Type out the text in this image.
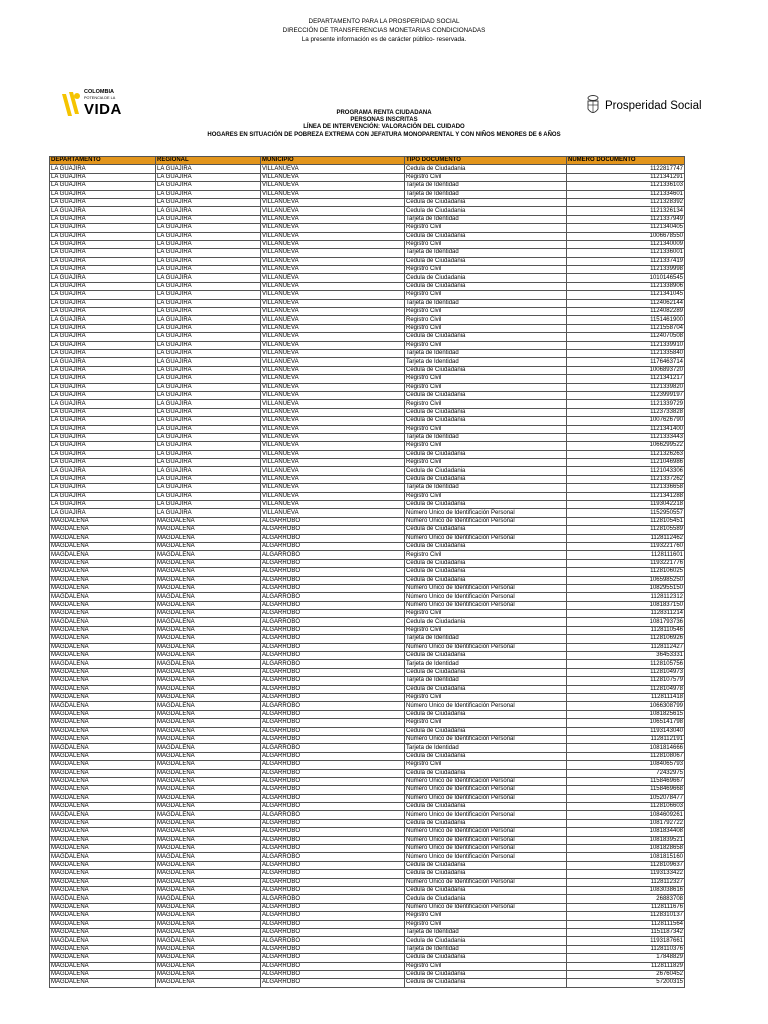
DEPARTAMENTO PARA LA PROSPERIDAD SOCIAL
DIRECCIÓN DE TRANSFERENCIAS MONETARIAS CONDICIONADAS
La presente información es de carácter público- reservada.
COLOMBIA
POTENCIA DE LA
VIDA	Prosperidad Social
PROGRAMA RENTA CIUDADANA
PERSONAS INSCRITAS
LÍNEA DE INTERVENCIÓN: VALORACIÓN DEL CUIDADO
HOGARES EN SITUACIÓN DE POBREZA EXTREMA CON JEFATURA MONOPARENTAL Y CON NIÑOS MENORES DE 6 AÑOS
DEPARTAMENTO	REGIONAL	MUNICIPIO	TIPO DOCUMENTO	NUMERO DOCUMENTO
LA GUAJIRA	LA GUAJIRA	VILLANUEVA	Cedula de Ciudadania	1122817747
LA GUAJIRA	LA GUAJIRA	VILLANUEVA	Registro Civil	1121341291
LA GUAJIRA	LA GUAJIRA	VILLANUEVA	Tarjeta de Identidad	1121336103
LA GUAJIRA	LA GUAJIRA	VILLANUEVA	Tarjeta de Identidad	1121334601
LA GUAJIRA	LA GUAJIRA	VILLANUEVA	Cedula de Ciudadania	1121328392
LA GUAJIRA	LA GUAJIRA	VILLANUEVA	Cedula de Ciudadania	1121326134
LA GUAJIRA	LA GUAJIRA	VILLANUEVA	Tarjeta de Identidad	1121337949
LA GUAJIRA	LA GUAJIRA	VILLANUEVA	Registro Civil	1121340405
LA GUAJIRA	LA GUAJIRA	VILLANUEVA	Cedula de Ciudadania	1006678550
LA GUAJIRA	LA GUAJIRA	VILLANUEVA	Registro Civil	1121340009
LA GUAJIRA	LA GUAJIRA	VILLANUEVA	Tarjeta de Identidad	1121336001
LA GUAJIRA	LA GUAJIRA	VILLANUEVA	Cedula de Ciudadania	1121337419
LA GUAJIRA	LA GUAJIRA	VILLANUEVA	Registro Civil	1121339998
LA GUAJIRA	LA GUAJIRA	VILLANUEVA	Cedula de Ciudadania	1010146545
LA GUAJIRA	LA GUAJIRA	VILLANUEVA	Cedula de Ciudadania	1121338906
LA GUAJIRA	LA GUAJIRA	VILLANUEVA	Registro Civil	1121341045
LA GUAJIRA	LA GUAJIRA	VILLANUEVA	Tarjeta de Identidad	1124062144
LA GUAJIRA	LA GUAJIRA	VILLANUEVA	Registro Civil	1124082289
LA GUAJIRA	LA GUAJIRA	VILLANUEVA	Registro Civil	1151461900
LA GUAJIRA	LA GUAJIRA	VILLANUEVA	Registro Civil	1121558704
LA GUAJIRA	LA GUAJIRA	VILLANUEVA	Cedula de Ciudadania	1124070508
LA GUAJIRA	LA GUAJIRA	VILLANUEVA	Registro Civil	1121339910
LA GUAJIRA	LA GUAJIRA	VILLANUEVA	Tarjeta de Identidad	1121335840
LA GUAJIRA	LA GUAJIRA	VILLANUEVA	Tarjeta de Identidad	1176463714
LA GUAJIRA	LA GUAJIRA	VILLANUEVA	Cedula de Ciudadania	1006893720
LA GUAJIRA	LA GUAJIRA	VILLANUEVA	Registro Civil	1121341217
LA GUAJIRA	LA GUAJIRA	VILLANUEVA	Registro Civil	1121339820
LA GUAJIRA	LA GUAJIRA	VILLANUEVA	Cedula de Ciudadania	1123999197
LA GUAJIRA	LA GUAJIRA	VILLANUEVA	Registro Civil	1121339729
LA GUAJIRA	LA GUAJIRA	VILLANUEVA	Cedula de Ciudadania	1123733828
LA GUAJIRA	LA GUAJIRA	VILLANUEVA	Cedula de Ciudadania	1007626790
LA GUAJIRA	LA GUAJIRA	VILLANUEVA	Registro Civil	1121341400
LA GUAJIRA	LA GUAJIRA	VILLANUEVA	Tarjeta de Identidad	1121333443
LA GUAJIRA	LA GUAJIRA	VILLANUEVA	Registro Civil	1066299522
LA GUAJIRA	LA GUAJIRA	VILLANUEVA	Cedula de Ciudadania	1121326263
LA GUAJIRA	LA GUAJIRA	VILLANUEVA	Registro Civil	1121046986
LA GUAJIRA	LA GUAJIRA	VILLANUEVA	Cedula de Ciudadania	1121043306
LA GUAJIRA	LA GUAJIRA	VILLANUEVA	Cedula de Ciudadania	1121337262
LA GUAJIRA	LA GUAJIRA	VILLANUEVA	Tarjeta de Identidad	1121336658
LA GUAJIRA	LA GUAJIRA	VILLANUEVA	Registro Civil	1121341288
LA GUAJIRA	LA GUAJIRA	VILLANUEVA	Cedula de Ciudadania	1193042218
LA GUAJIRA	LA GUAJIRA	VILLANUEVA	Número Único de Identificación Personal	1152950557
MAGDALENA	MAGDALENA	ALGARROBO	Número Único de Identificación Personal	1128105451
MAGDALENA	MAGDALENA	ALGARROBO	Cedula de Ciudadania	1128105589
MAGDALENA	MAGDALENA	ALGARROBO	Número Único de Identificación Personal	1128112462
MAGDALENA	MAGDALENA	ALGARROBO	Cedula de Ciudadania	1193221760
MAGDALENA	MAGDALENA	ALGARROBO	Registro Civil	1128111601
MAGDALENA	MAGDALENA	ALGARROBO	Cedula de Ciudadania	1193221776
MAGDALENA	MAGDALENA	ALGARROBO	Cedula de Ciudadania	1128106025
MAGDALENA	MAGDALENA	ALGARROBO	Cedula de Ciudadania	1065985250
MAGDALENA	MAGDALENA	ALGARROBO	Número Único de Identificación Personal	1082955150
MAGDALENA	MAGDALENA	ALGARROBO	Número Único de Identificación Personal	1128112312
MAGDALENA	MAGDALENA	ALGARROBO	Número Único de Identificación Personal	1081837150
MAGDALENA	MAGDALENA	ALGARROBO	Registro Civil	1128311214
MAGDALENA	MAGDALENA	ALGARROBO	Cedula de Ciudadania	1081793736
MAGDALENA	MAGDALENA	ALGARROBO	Registro Civil	1128110546
MAGDALENA	MAGDALENA	ALGARROBO	Tarjeta de Identidad	1128106926
MAGDALENA	MAGDALENA	ALGARROBO	Número Único de Identificación Personal	1128112427
MAGDALENA	MAGDALENA	ALGARROBO	Cedula de Ciudadania	36453331
MAGDALENA	MAGDALENA	ALGARROBO	Tarjeta de Identidad	1128105756
MAGDALENA	MAGDALENA	ALGARROBO	Cedula de Ciudadania	1128104973
MAGDALENA	MAGDALENA	ALGARROBO	Tarjeta de Identidad	1128107579
MAGDALENA	MAGDALENA	ALGARROBO	Cedula de Ciudadania	1128104978
MAGDALENA	MAGDALENA	ALGARROBO	Registro Civil	1128111418
MAGDALENA	MAGDALENA	ALGARROBO	Número Único de Identificación Personal	1066308799
MAGDALENA	MAGDALENA	ALGARROBO	Cedula de Ciudadania	1081825615
MAGDALENA	MAGDALENA	ALGARROBO	Registro Civil	1065141798
MAGDALENA	MAGDALENA	ALGARROBO	Cedula de Ciudadania	1193143040
MAGDALENA	MAGDALENA	ALGARROBO	Número Único de Identificación Personal	1128112191
MAGDALENA	MAGDALENA	ALGARROBO	Tarjeta de Identidad	1081814666
MAGDALENA	MAGDALENA	ALGARROBO	Cedula de Ciudadania	1128108067
MAGDALENA	MAGDALENA	ALGARROBO	Registro Civil	1084065793
MAGDALENA	MAGDALENA	ALGARROBO	Cedula de Ciudadania	72432975
MAGDALENA	MAGDALENA	ALGARROBO	Número Único de Identificación Personal	1158469667
MAGDALENA	MAGDALENA	ALGARROBO	Número Único de Identificación Personal	1158469668
MAGDALENA	MAGDALENA	ALGARROBO	Número Único de Identificación Personal	1052078477
MAGDALENA	MAGDALENA	ALGARROBO	Cedula de Ciudadania	1128106603
MAGDALENA	MAGDALENA	ALGARROBO	Número Único de Identificación Personal	1084609261
MAGDALENA	MAGDALENA	ALGARROBO	Cedula de Ciudadania	1081792722
MAGDALENA	MAGDALENA	ALGARROBO	Número Único de Identificación Personal	1081834408
MAGDALENA	MAGDALENA	ALGARROBO	Número Único de Identificación Personal	1081839521
MAGDALENA	MAGDALENA	ALGARROBO	Número Único de Identificación Personal	1081828658
MAGDALENA	MAGDALENA	ALGARROBO	Número Único de Identificación Personal	1081815160
MAGDALENA	MAGDALENA	ALGARROBO	Cedula de Ciudadania	1128109637
MAGDALENA	MAGDALENA	ALGARROBO	Cedula de Ciudadania	1193133422
MAGDALENA	MAGDALENA	ALGARROBO	Número Único de Identificación Personal	1128112327
MAGDALENA	MAGDALENA	ALGARROBO	Cedula de Ciudadania	1083038616
MAGDALENA	MAGDALENA	ALGARROBO	Cedula de Ciudadania	26883708
MAGDALENA	MAGDALENA	ALGARROBO	Número Único de Identificación Personal	1128111676
MAGDALENA	MAGDALENA	ALGARROBO	Registro Civil	1128310137
MAGDALENA	MAGDALENA	ALGARROBO	Registro Civil	1128111564
MAGDALENA	MAGDALENA	ALGARROBO	Tarjeta de Identidad	1151187342
MAGDALENA	MAGDALENA	ALGARROBO	Cedula de Ciudadania	1193187661
MAGDALENA	MAGDALENA	ALGARROBO	Tarjeta de Identidad	1128110376
MAGDALENA	MAGDALENA	ALGARROBO	Cedula de Ciudadania	17848829
MAGDALENA	MAGDALENA	ALGARROBO	Registro Civil	1128111829
MAGDALENA	MAGDALENA	ALGARROBO	Cedula de Ciudadania	26760452
MAGDALENA	MAGDALENA	ALGARROBO	Cedula de Ciudadania	57200315
